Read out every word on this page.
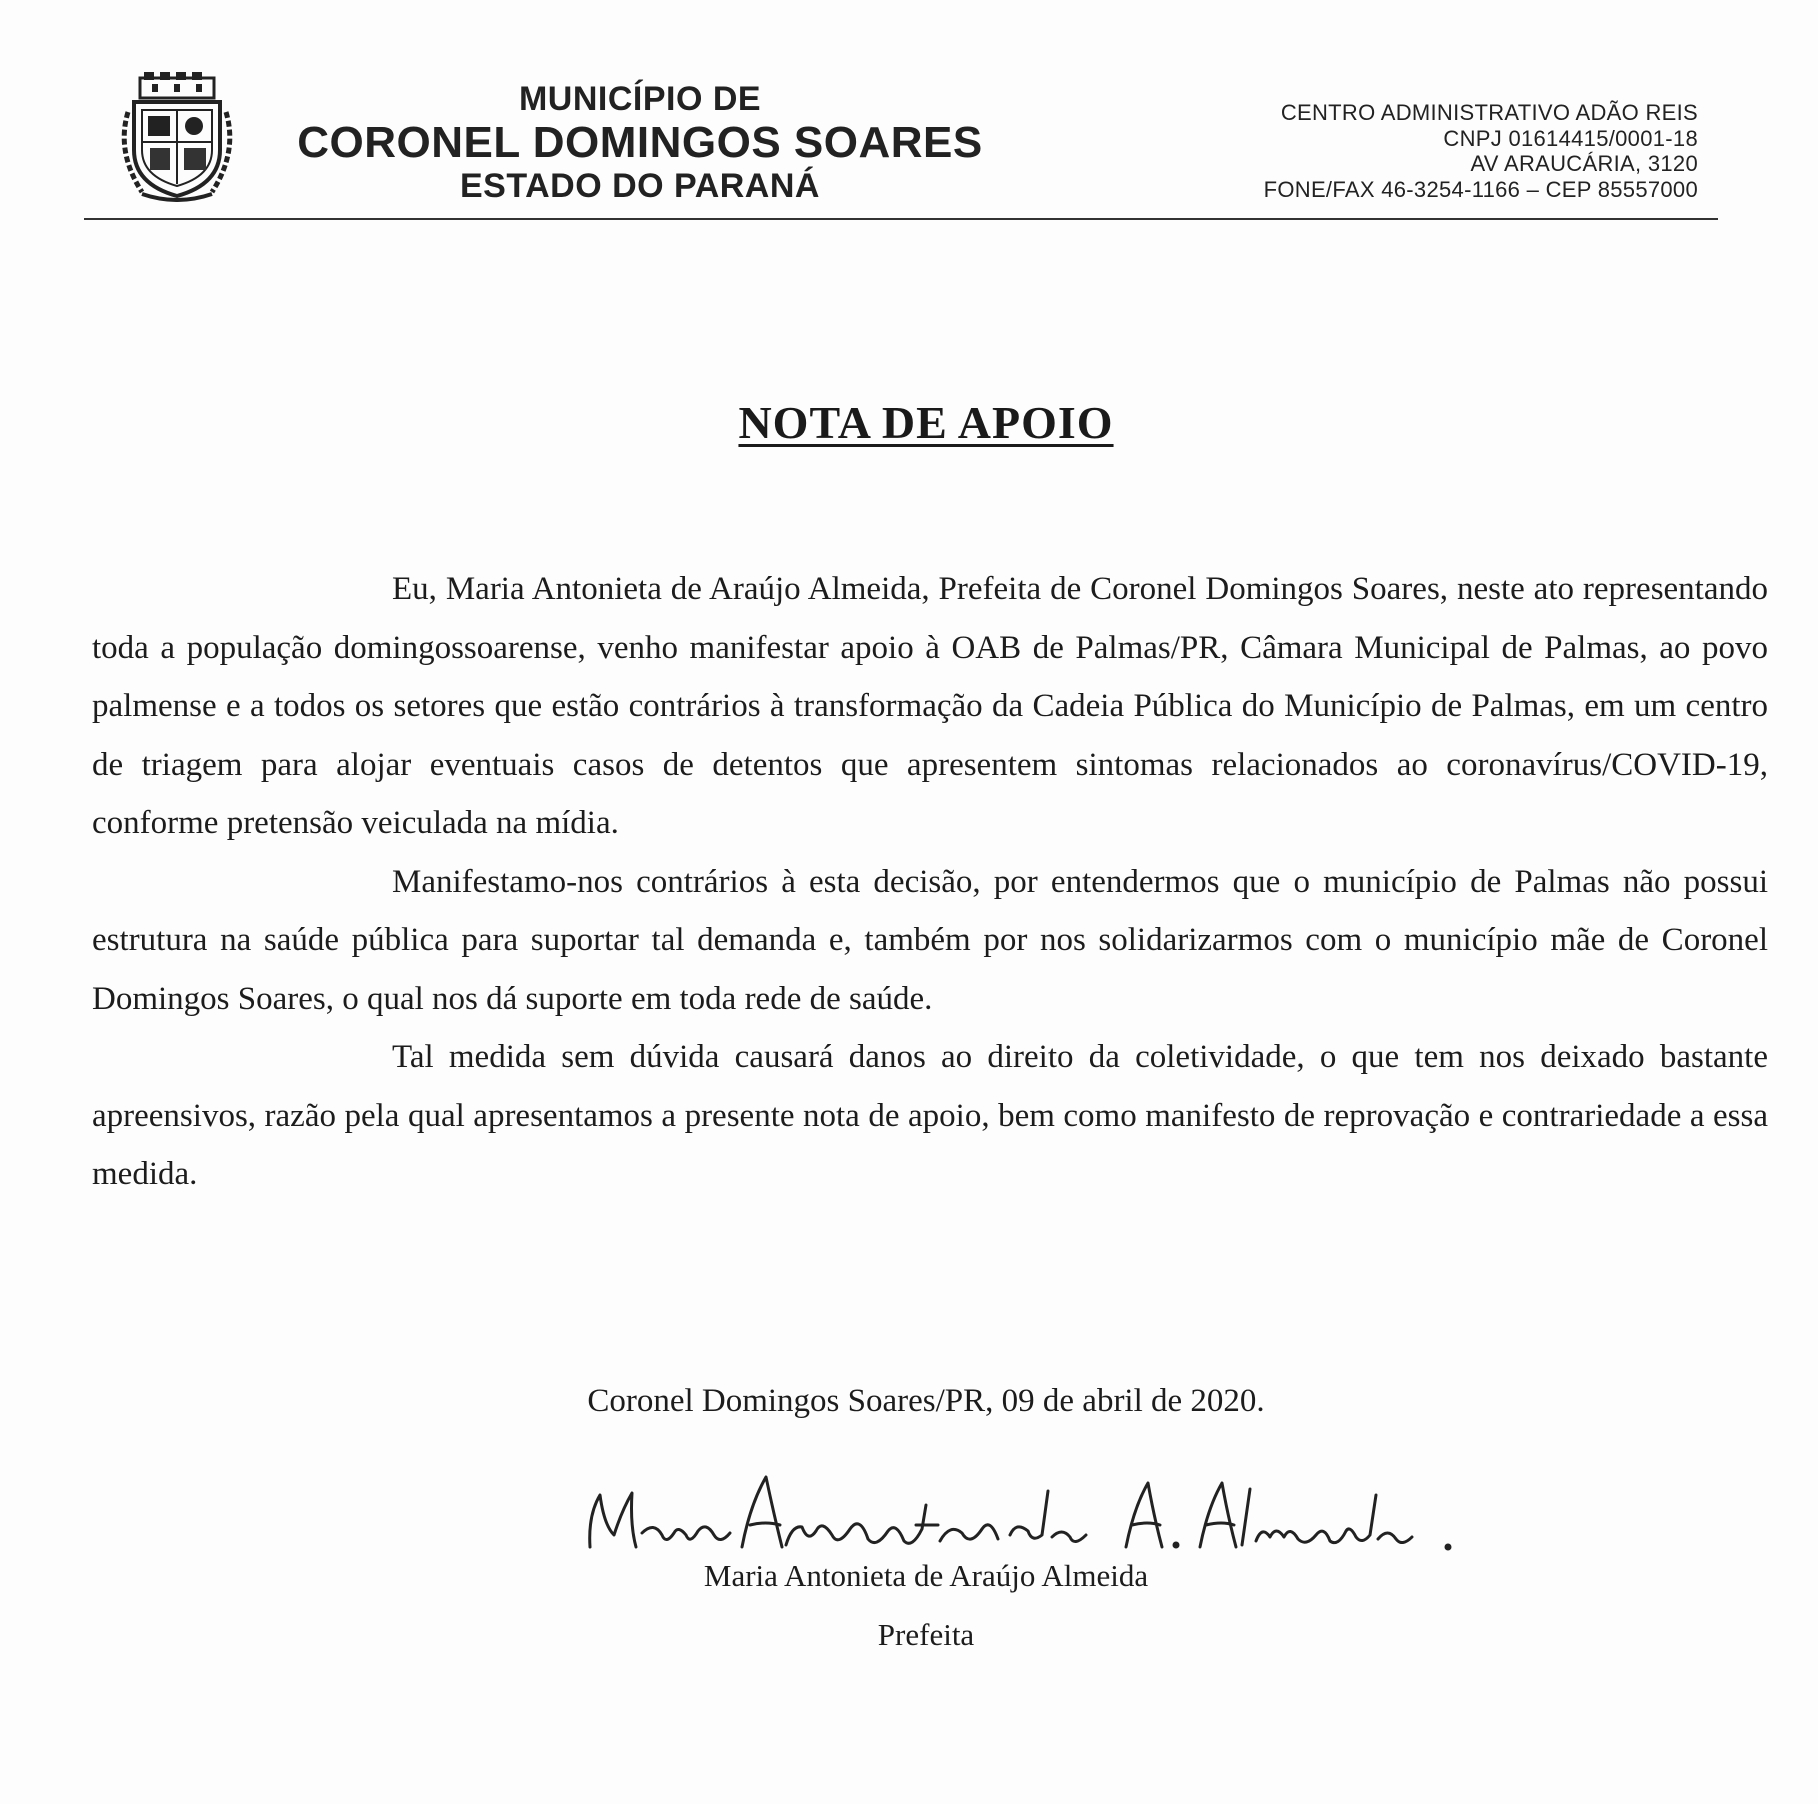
MUNICÍPIO DE
CORONEL DOMINGOS SOARES
ESTADO DO PARANÁ
CENTRO ADMINISTRATIVO ADÃO REIS
CNPJ 01614415/0001-18
AV ARAUCÁRIA, 3120
FONE/FAX 46-3254-1166 – CEP 85557000
NOTA DE APOIO

Eu, Maria Antonieta de Araújo Almeida, Prefeita de Coronel Domingos Soares, neste ato representando toda a população domingossoarense, venho manifestar apoio à OAB de Palmas/PR, Câmara Municipal de Palmas, ao povo palmense e a todos os setores que estão contrários à transformação da Cadeia Pública do Município de Palmas, em um centro de triagem para alojar eventuais casos de detentos que apresentem sintomas relacionados ao coronavírus/COVID-19, conforme pretensão veiculada na mídia.

Manifestamo-nos contrários à esta decisão, por entendermos que o município de Palmas não possui estrutura na saúde pública para suportar tal demanda e, também por nos solidarizarmos com o município mãe de Coronel Domingos Soares, o qual nos dá suporte em toda rede de saúde.

Tal medida sem dúvida causará danos ao direito da coletividade, o que tem nos deixado bastante apreensivos, razão pela qual apresentamos a presente nota de apoio, bem como manifesto de reprovação e contrariedade a essa medida.

Coronel Domingos Soares/PR, 09 de abril de 2020.
Maria Antonieta de Araújo Almeida
Prefeita
